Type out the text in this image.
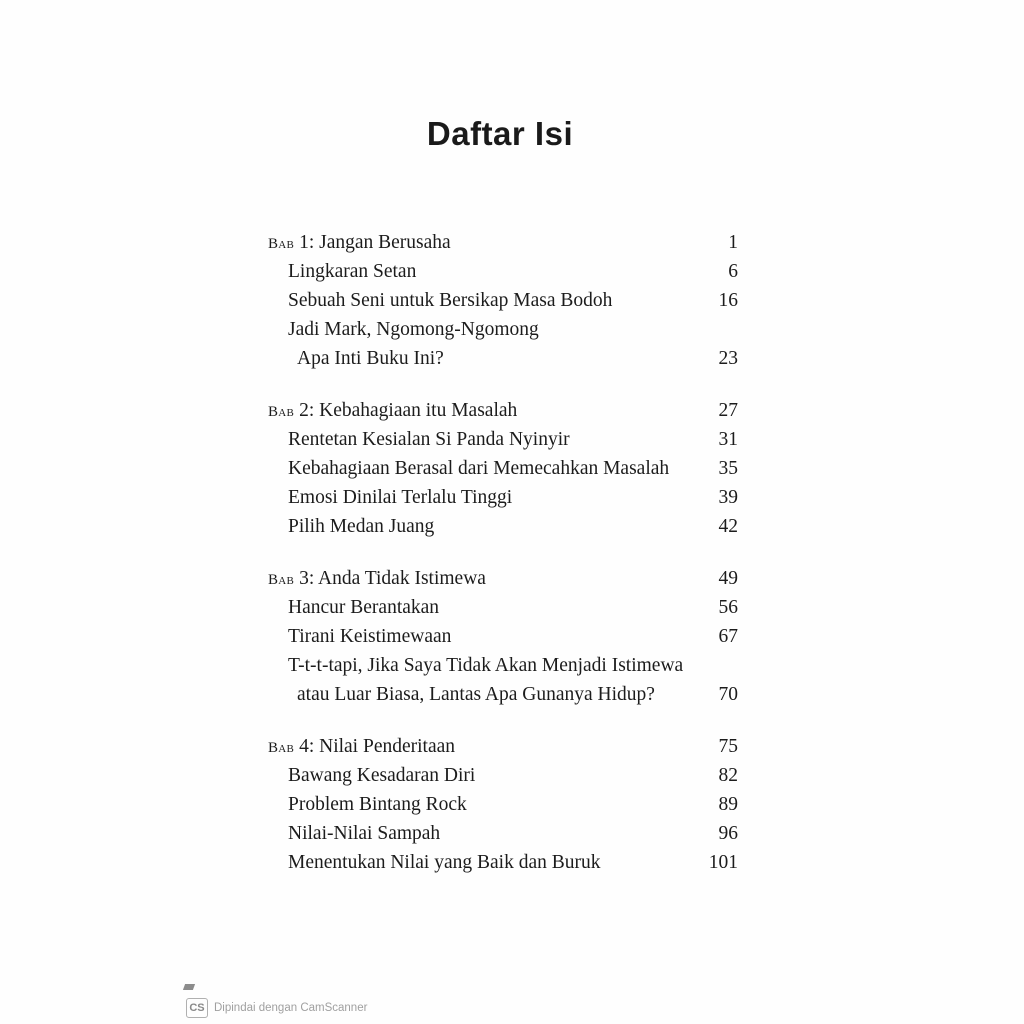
Daftar Isi
Bab 1: Jangan Berusaha	1
Lingkaran Setan	6
Sebuah Seni untuk Bersikap Masa Bodoh	16
Jadi Mark, Ngomong-Ngomong
Apa Inti Buku Ini?	23
Bab 2: Kebahagiaan itu Masalah	27
Rentetan Kesialan Si Panda Nyinyir	31
Kebahagiaan Berasal dari Memecahkan Masalah	35
Emosi Dinilai Terlalu Tinggi	39
Pilih Medan Juang	42
Bab 3: Anda Tidak Istimewa	49
Hancur Berantakan	56
Tirani Keistimewaan	67
T-t-t-tapi, Jika Saya Tidak Akan Menjadi Istimewa
atau Luar Biasa, Lantas Apa Gunanya Hidup?	70
Bab 4: Nilai Penderitaan	75
Bawang Kesadaran Diri	82
Problem Bintang Rock	89
Nilai-Nilai Sampah	96
Menentukan Nilai yang Baik dan Buruk	101
CS Dipindai dengan CamScanner
